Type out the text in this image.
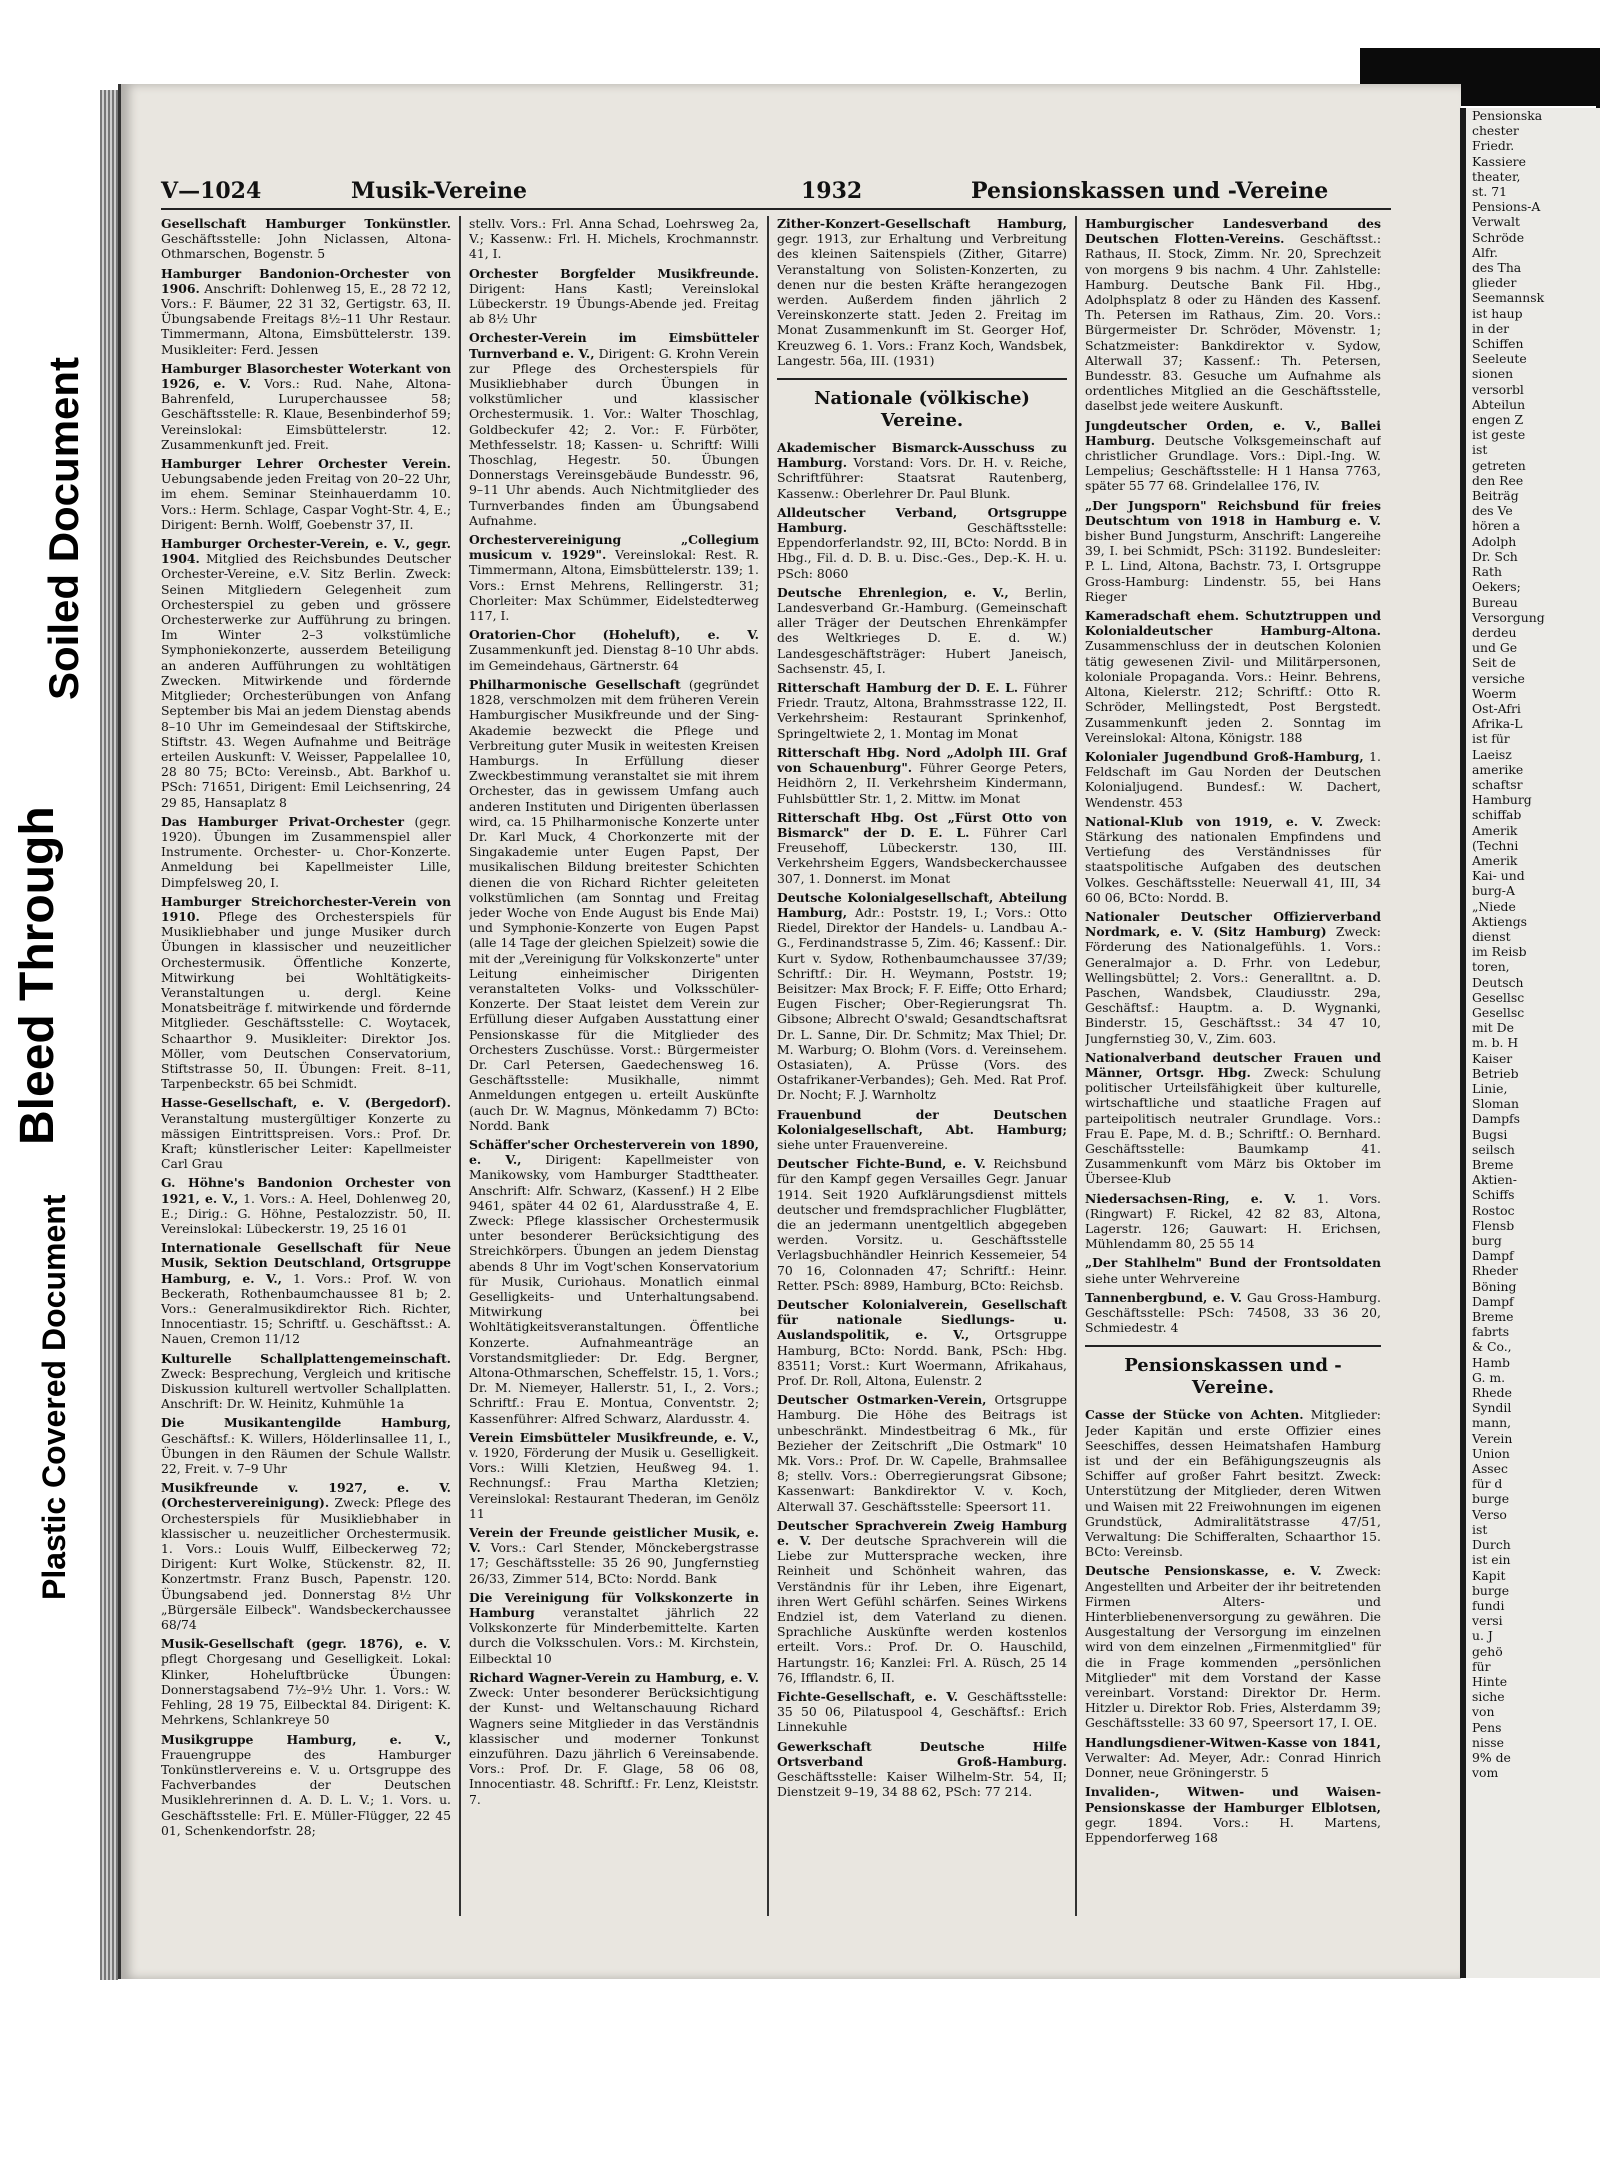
Bleed Through
Soiled Document
Plastic Covered Document
V—1024	Musik-Vereine	1932	Pensionskassen und -Vereine
Gesellschaft Hamburger Tonkünstler. Geschäftsstelle: John Niclassen, Altona-Othmarschen, Bogenstr. 5
Hamburger Bandonion-Orchester von 1906. Anschrift: Dohlenweg 15, E., 28 72 12, Vors.: F. Bäumer, 22 31 32, Gertigstr. 63, II. Übungsabende Freitags 8½–11 Uhr Restaur. Timmermann, Altona, Eimsbüttelerstr. 139. Musikleiter: Ferd. Jessen
Hamburger Blasorchester Woterkant von 1926, e. V. Vors.: Rud. Nahe, Altona-Bahrenfeld, Luruperchaussee 58; Geschäftsstelle: R. Klaue, Besenbinderhof 59; Vereinslokal: Eimsbüttelerstr. 12. Zusammenkunft jed. Freit.
Hamburger Lehrer Orchester Verein. Uebungsabende jeden Freitag von 20–22 Uhr, im ehem. Seminar Steinhauerdamm 10. Vors.: Herm. Schlage, Caspar Voght-Str. 4, E.; Dirigent: Bernh. Wolff, Goebenstr 37, II.
Hamburger Orchester-Verein, e. V., gegr. 1904. Mitglied des Reichsbundes Deutscher Orchester-Vereine, e.V. Sitz Berlin. Zweck: Seinen Mitgliedern Gelegenheit zum Orchesterspiel zu geben und grössere Orchesterwerke zur Aufführung zu bringen. Im Winter 2–3 volkstümliche Symphoniekonzerte, ausserdem Beteiligung an anderen Aufführungen zu wohltätigen Zwecken. Mitwirkende und fördernde Mitglieder; Orchesterübungen von Anfang September bis Mai an jedem Dienstag abends 8–10 Uhr im Gemeindesaal der Stiftskirche, Stiftstr. 43. Wegen Aufnahme und Beiträge erteilen Auskunft: V. Weisser, Pappelallee 10, 28 80 75; BCto: Vereinsb., Abt. Barkhof u. PSch: 71651, Dirigent: Emil Leichsenring, 24 29 85, Hansaplatz 8
Das Hamburger Privat-Orchester (gegr. 1920). Übungen im Zusammenspiel aller Instrumente. Orchester- u. Chor-Konzerte. Anmeldung bei Kapellmeister Lille, Dimpfelsweg 20, I.
Hamburger Streichorchester-Verein von 1910. Pflege des Orchesterspiels für Musikliebhaber und junge Musiker durch Übungen in klassischer und neuzeitlicher Orchestermusik. Öffentliche Konzerte, Mitwirkung bei Wohltätigkeits-Veranstaltungen u. dergl. Keine Monatsbeiträge f. mitwirkende und fördernde Mitglieder. Geschäftsstelle: C. Woytacek, Schaarthor 9. Musikleiter: Direktor Jos. Möller, vom Deutschen Conservatorium, Stiftstrasse 50, II. Übungen: Freit. 8–11, Tarpenbeckstr. 65 bei Schmidt.
Hasse-Gesellschaft, e. V. (Bergedorf). Veranstaltung mustergültiger Konzerte zu mässigen Eintrittspreisen. Vors.: Prof. Dr. Kraft; künstlerischer Leiter: Kapellmeister Carl Grau
G. Höhne's Bandonion Orchester von 1921, e. V., 1. Vors.: A. Heel, Dohlenweg 20, E.; Dirig.: G. Höhne, Pestalozzistr. 50, II. Vereinslokal: Lübeckerstr. 19, 25 16 01
Internationale Gesellschaft für Neue Musik, Sektion Deutschland, Ortsgruppe Hamburg, e. V., 1. Vors.: Prof. W. von Beckerath, Rothenbaumchaussee 81 b; 2. Vors.: Generalmusikdirektor Rich. Richter, Innocentiastr. 15; Schriftf. u. Geschäftsst.: A. Nauen, Cremon 11/12
Kulturelle Schallplattengemeinschaft. Zweck: Besprechung, Vergleich und kritische Diskussion kulturell wertvoller Schallplatten. Anschrift: Dr. W. Heinitz, Kuhmühle 1a
Die Musikantengilde Hamburg, Geschäftsf.: K. Willers, Hölderlinsallee 11, I., Übungen in den Räumen der Schule Wallstr. 22, Freit. v. 7–9 Uhr
Musikfreunde v. 1927, e. V. (Orchestervereinigung). Zweck: Pflege des Orchesterspiels für Musikliebhaber in klassischer u. neuzeitlicher Orchestermusik. 1. Vors.: Louis Wulff, Eilbeckerweg 72; Dirigent: Kurt Wolke, Stückenstr. 82, II. Konzertmstr. Franz Busch, Papenstr. 120. Übungsabend jed. Donnerstag 8½ Uhr „Bürgersäle Eilbeck". Wandsbeckerchaussee 68/74
Musik-Gesellschaft (gegr. 1876), e. V. pflegt Chorgesang und Geselligkeit. Lokal: Klinker, Hoheluftbrücke Übungen: Donnerstagsabend 7½–9½ Uhr. 1. Vors.: W. Fehling, 28 19 75, Eilbecktal 84. Dirigent: K. Mehrkens, Schlankreye 50
Musikgruppe Hamburg, e. V., Frauengruppe des Hamburger Tonkünstlervereins e. V. u. Ortsgruppe des Fachverbandes der Deutschen Musiklehrerinnen d. A. D. L. V.; 1. Vors. u. Geschäftsstelle: Frl. E. Müller-Flügger, 22 45 01, Schenkendorfstr. 28;
stellv. Vors.: Frl. Anna Schad, Loehrsweg 2a, V.; Kassenw.: Frl. H. Michels, Krochmannstr. 41, I.
Orchester Borgfelder Musikfreunde. Dirigent: Hans Kastl; Vereinslokal Lübeckerstr. 19 Übungs-Abende jed. Freitag ab 8½ Uhr
Orchester-Verein im Eimsbütteler Turnverband e. V., Dirigent: G. Krohn Verein zur Pflege des Orchesterspiels für Musikliebhaber durch Übungen in volkstümlicher und klassischer Orchestermusik. 1. Vor.: Walter Thoschlag, Goldbeckufer 42; 2. Vor.: F. Fürböter, Methfesselstr. 18; Kassen- u. Schriftf: Willi Thoschlag, Hegestr. 50. Übungen Donnerstags Vereinsgebäude Bundesstr. 96, 9–11 Uhr abends. Auch Nichtmitglieder des Turnverbandes finden am Übungsabend Aufnahme.
Orchestervereinigung „Collegium musicum v. 1929". Vereinslokal: Rest. R. Timmermann, Altona, Eimsbüttelerstr. 139; 1. Vors.: Ernst Mehrens, Rellingerstr. 31; Chorleiter: Max Schümmer, Eidelstedterweg 117, I.
Oratorien-Chor (Hoheluft), e. V. Zusammenkunft jed. Dienstag 8–10 Uhr abds. im Gemeindehaus, Gärtnerstr. 64
Philharmonische Gesellschaft (gegründet 1828, verschmolzen mit dem früheren Verein Hamburgischer Musikfreunde und der Sing-Akademie bezweckt die Pflege und Verbreitung guter Musik in weitesten Kreisen Hamburgs. In Erfüllung dieser Zweckbestimmung veranstaltet sie mit ihrem Orchester, das in gewissem Umfang auch anderen Instituten und Dirigenten überlassen wird, ca. 15 Philharmonische Konzerte unter Dr. Karl Muck, 4 Chorkonzerte mit der Singakademie unter Eugen Papst, Der musikalischen Bildung breitester Schichten dienen die von Richard Richter geleiteten volkstümlichen (am Sonntag und Freitag jeder Woche von Ende August bis Ende Mai) und Symphonie-Konzerte von Eugen Papst (alle 14 Tage der gleichen Spielzeit) sowie die mit der „Vereinigung für Volkskonzerte" unter Leitung einheimischer Dirigenten veranstalteten Volks- und Volksschüler-Konzerte. Der Staat leistet dem Verein zur Erfüllung dieser Aufgaben Ausstattung einer Pensionskasse für die Mitglieder des Orchesters Zuschüsse. Vorst.: Bürgermeister Dr. Carl Petersen, Gaedechensweg 16. Geschäftsstelle: Musikhalle, nimmt Anmeldungen entgegen u. erteilt Auskünfte (auch Dr. W. Magnus, Mönkedamm 7) BCto: Nordd. Bank
Schäffer'scher Orchesterverein von 1890, e. V., Dirigent: Kapellmeister von Manikowsky, vom Hamburger Stadttheater. Anschrift: Alfr. Schwarz, (Kassenf.) H 2 Elbe 9461, später 44 02 61, Alardusstraße 4, E. Zweck: Pflege klassischer Orchestermusik unter besonderer Berücksichtigung des Streichkörpers. Übungen an jedem Dienstag abends 8 Uhr im Vogt'schen Konservatorium für Musik, Curiohaus. Monatlich einmal Geselligkeits- und Unterhaltungsabend. Mitwirkung bei Wohltätigkeitsveranstaltungen. Öffentliche Konzerte. Aufnahmeanträge an Vorstandsmitglieder: Dr. Edg. Bergner, Altona-Othmarschen, Scheffelstr. 15, 1. Vors.; Dr. M. Niemeyer, Hallerstr. 51, I., 2. Vors.; Schriftf.: Frau E. Montua, Conventstr. 2; Kassenführer: Alfred Schwarz, Alardusstr. 4.
Verein Eimsbütteler Musikfreunde, e. V., v. 1920, Förderung der Musik u. Geselligkeit. Vors.: Willi Kletzien, Heußweg 94. 1. Rechnungsf.: Frau Martha Kletzien; Vereinslokal: Restaurant Thederan, im Genölz 11
Verein der Freunde geistlicher Musik, e. V. Vors.: Carl Stender, Mönckebergstrasse 17; Geschäftsstelle: 35 26 90, Jungfernstieg 26/33, Zimmer 514, BCto: Nordd. Bank
Die Vereinigung für Volkskonzerte in Hamburg veranstaltet jährlich 22 Volkskonzerte für Minderbemittelte. Karten durch die Volksschulen. Vors.: M. Kirchstein, Eilbecktal 10
Richard Wagner-Verein zu Hamburg, e. V. Zweck: Unter besonderer Berücksichtigung der Kunst- und Weltanschauung Richard Wagners seine Mitglieder in das Verständnis klassischer und moderner Tonkunst einzuführen. Dazu jährlich 6 Vereinsabende. Vors.: Prof. Dr. F. Glage, 58 06 08, Innocentiastr. 48. Schriftf.: Fr. Lenz, Kleiststr. 7.
Zither-Konzert-Gesellschaft Hamburg, gegr. 1913, zur Erhaltung und Verbreitung des kleinen Saitenspiels (Zither, Gitarre) Veranstaltung von Solisten-Konzerten, zu denen nur die besten Kräfte herangezogen werden. Außerdem finden jährlich 2 Vereinskonzerte statt. Jeden 2. Freitag im Monat Zusammenkunft im St. Georger Hof, Kreuzweg 6. 1. Vors.: Franz Koch, Wandsbek, Langestr. 56a, III. (1931)
Nationale (völkische) Vereine.
Akademischer Bismarck-Ausschuss zu Hamburg. Vorstand: Vors. Dr. H. v. Reiche, Schriftführer: Staatsrat Rautenberg, Kassenw.: Oberlehrer Dr. Paul Blunk.
Alldeutscher Verband, Ortsgruppe Hamburg.	Geschäftsstelle: Eppendorferlandstr. 92, III, BCto: Nordd. B in Hbg., Fil. d. D. B. u. Disc.-Ges., Dep.-K. H. u. PSch: 8060
Deutsche Ehrenlegion, e. V., Berlin, Landesverband Gr.-Hamburg. (Gemeinschaft aller Träger der Deutschen Ehrenkämpfer des Weltkrieges D. E. d. W.) Landesgeschäftsträger: Hubert Janeisch, Sachsenstr. 45, I.
Ritterschaft Hamburg der D. E. L. Führer Friedr. Trautz, Altona, Brahmsstrasse 122, II. Verkehrsheim: Restaurant Sprinkenhof, Springeltwiete 2, 1. Montag im Monat
Ritterschaft Hbg. Nord „Adolph III. Graf von Schauenburg". Führer George Peters, Heidhörn 2, II. Verkehrsheim Kindermann, Fuhlsbüttler Str. 1, 2. Mittw. im Monat
Ritterschaft Hbg. Ost „Fürst Otto von Bismarck" der D. E. L. Führer Carl Freusehoff, Lübeckerstr. 130, III. Verkehrsheim Eggers, Wandsbeckerchaussee 307, 1. Donnerst. im Monat
Deutsche Kolonialgesellschaft, Abteilung Hamburg, Adr.: Poststr. 19, I.; Vors.: Otto Riedel, Direktor der Handels- u. Landbau A.-G., Ferdinandstrasse 5, Zim. 46; Kassenf.: Dir. Kurt v. Sydow, Rothenbaumchaussee 37/39; Schriftf.: Dir. H. Weymann, Poststr. 19; Beisitzer: Max Brock; F. F. Eiffe; Otto Erhard; Eugen Fischer; Ober-Regierungsrat Th. Gibsone; Albrecht O'swald; Gesandtschaftsrat Dr. L. Sanne, Dir. Dr. Schmitz; Max Thiel; Dr. M. Warburg; O. Blohm (Vors. d. Vereinsehem. Ostasiaten), A. Prüsse (Vors. des Ostafrikaner-Verbandes); Geh. Med. Rat Prof. Dr. Nocht; F. J. Warnholtz
Frauenbund der Deutschen Kolonialgesellschaft, Abt. Hamburg; siehe unter Frauenvereine.
Deutscher Fichte-Bund, e. V. Reichsbund für den Kampf gegen Versailles Gegr. Januar 1914. Seit 1920 Aufklärungsdienst mittels deutscher und fremdsprachlicher Flugblätter, die an jedermann unentgeltlich abgegeben werden. Vorsitz. u. Geschäftsstelle Verlagsbuchhändler Heinrich Kessemeier, 54 70 16, Colonnaden 47; Schriftf.: Heinr. Retter. PSch: 8989, Hamburg, BCto: Reichsb.
Deutscher Kolonialverein, Gesellschaft für nationale Siedlungs- u. Auslandspolitik, e. V., Ortsgruppe Hamburg, BCto: Nordd. Bank, PSch: Hbg. 83511; Vorst.: Kurt Woermann, Afrikahaus, Prof. Dr. Roll, Altona, Eulenstr. 2
Deutscher Ostmarken-Verein, Ortsgruppe Hamburg. Die Höhe des Beitrags ist unbeschränkt. Mindestbeitrag 6 Mk., für Bezieher der Zeitschrift „Die Ostmark" 10 Mk. Vors.: Prof. Dr. W. Capelle, Brahmsallee 8; stellv. Vors.: Oberregierungsrat Gibsone; Kassenwart: Bankdirektor V. v. Koch, Alterwall 37. Geschäftsstelle: Speersort 11.
Deutscher Sprachverein Zweig Hamburg e. V. Der deutsche Sprachverein will die Liebe zur Muttersprache wecken, ihre Reinheit und Schönheit wahren, das Verständnis für ihr Leben, ihre Eigenart, ihren Wert Gefühl schärfen. Seines Wirkens Endziel ist, dem Vaterland zu dienen. Sprachliche Auskünfte werden kostenlos erteilt. Vors.: Prof. Dr. O. Hauschild, Hartungstr. 16; Kanzlei: Frl. A. Rüsch, 25 14 76, Ifflandstr. 6, II.
Fichte-Gesellschaft, e. V. Geschäftsstelle: 35 50 06, Pilatuspool 4, Geschäftsf.: Erich Linnekuhle
Gewerkschaft Deutsche Hilfe Ortsverband Groß-Hamburg. Geschäftsstelle: Kaiser Wilhelm-Str. 54, II; Dienstzeit 9–19, 34 88 62, PSch: 77 214.
Hamburgischer Landesverband des Deutschen Flotten-Vereins. Geschäftsst.: Rathaus, II. Stock, Zimm. Nr. 20, Sprechzeit von morgens 9 bis nachm. 4 Uhr. Zahlstelle: Hamburg. Deutsche Bank Fil. Hbg., Adolphsplatz 8 oder zu Händen des Kassenf. Th. Petersen im Rathaus, Zim. 20. Vors.: Bürgermeister Dr. Schröder, Mövenstr. 1; Schatzmeister: Bankdirektor v. Sydow, Alterwall 37; Kassenf.: Th. Petersen, Bundesstr. 83. Gesuche um Aufnahme als ordentliches Mitglied an die Geschäftsstelle, daselbst jede weitere Auskunft.
Jungdeutscher Orden, e. V., Ballei Hamburg. Deutsche Volksgemeinschaft auf christlicher Grundlage. Vors.: Dipl.-Ing. W. Lempelius; Geschäftsstelle: H 1 Hansa 7763, später 55 77 68. Grindelallee 176, IV.
„Der Jungsporn" Reichsbund für freies Deutschtum von 1918 in Hamburg e. V. bisher Bund Jungsturm, Anschrift: Langereihe 39, I. bei Schmidt, PSch: 31192. Bundesleiter: P. L. Lind, Altona, Bachstr. 73, I. Ortsgruppe Gross-Hamburg: Lindenstr. 55, bei Hans Rieger
Kameradschaft ehem. Schutztruppen und Kolonialdeutscher Hamburg-Altona. Zusammenschluss der in deutschen Kolonien tätig gewesenen Zivil- und Militärpersonen, koloniale Propaganda. Vors.: Heinr. Behrens, Altona, Kielerstr. 212; Schriftf.: Otto R. Schröder, Mellingstedt, Post Bergstedt. Zusammenkunft jeden 2. Sonntag im Vereinslokal: Altona, Königstr. 188
Kolonialer Jugendbund Groß-Hamburg, 1. Feldschaft im Gau Norden der Deutschen Kolonialjugend. Bundesf.: W. Dachert, Wendenstr. 453
National-Klub von 1919, e. V. Zweck: Stärkung des nationalen Empfindens und Vertiefung des Verständnisses für staatspolitische Aufgaben des deutschen Volkes. Geschäftsstelle: Neuerwall 41, III, 34 60 06, BCto: Nordd. B.
Nationaler Deutscher Offizierverband Nordmark, e. V. (Sitz Hamburg) Zweck: Förderung des Nationalgefühls. 1. Vors.: Generalmajor a. D. Frhr. von Ledebur, Wellingsbüttel; 2. Vors.: Generalltnt. a. D. Paschen, Wandsbek, Claudiusstr. 29a, Geschäftsf.: Hauptm. a. D. Wygnanki, Binderstr. 15, Geschäftsst.: 34 47 10, Jungfernstieg 30, V., Zim. 603.
Nationalverband deutscher Frauen und Männer, Ortsgr. Hbg. Zweck: Schulung politischer Urteilsfähigkeit über kulturelle, wirtschaftliche und staatliche Fragen auf parteipolitisch neutraler Grundlage. Vors.: Frau E. Pape, M. d. B.; Schriftf.: O. Bernhard. Geschäftsstelle: Baumkamp 41. Zusammenkunft vom März bis Oktober im Übersee-Klub
Niedersachsen-Ring, e. V. 1. Vors. (Ringwart) F. Rickel, 42 82 83, Altona, Lagerstr. 126; Gauwart: H. Erichsen, Mühlendamm 80, 25 55 14
„Der Stahlhelm" Bund der Frontsoldaten siehe unter Wehrvereine
Tannenbergbund, e. V. Gau Gross-Hamburg. Geschäftsstelle: PSch: 74508, 33 36 20, Schmiedestr. 4
Pensionskassen und -Vereine.
Casse der Stücke von Achten. Mitglieder: Jeder Kapitän und erste Offizier eines Seeschiffes, dessen Heimatshafen Hamburg ist und der ein Befähigungszeugnis als Schiffer auf großer Fahrt besitzt. Zweck: Unterstützung der Mitglieder, deren Witwen und Waisen mit 22 Freiwohnungen im eigenen Grundstück, Admiralitätstrasse 47/51, Verwaltung: Die Schifferalten, Schaarthor 15. BCto: Vereinsb.
Deutsche Pensionskasse, e. V. Zweck: Angestellten und Arbeiter der ihr beitretenden Firmen Alters- und Hinterbliebenenversorgung zu gewähren. Die Ausgestaltung der Versorgung im einzelnen wird von dem einzelnen „Firmenmitglied" für die in Frage kommenden „persönlichen Mitglieder" mit dem Vorstand der Kasse vereinbart. Vorstand: Direktor Dr. Herm. Hitzler u. Direktor Rob. Fries, Alsterdamm 39; Geschäftsstelle: 33 60 97, Speersort 17, I. OE.
Handlungsdiener-Witwen-Kasse von 1841, Verwalter: Ad. Meyer, Adr.: Conrad Hinrich Donner, neue Gröningerstr. 5
Invaliden-, Witwen- und Waisen-Pensionskasse der Hamburger Elblotsen, gegr. 1894. Vors.: H. Martens, Eppendorferweg 168
Pensionska
chester
Friedr.
Kassiere
theater,
st. 71
Pensions-A
Verwalt
Schröde
Alfr.
des Tha
glieder
Seemannsk
ist haup
in der
Schiffen
Seeleute
sionen
versorbl
Abteilun
engen Z
ist geste
ist
getreten
den Ree
Beiträg
des Ve
hören a
Adolph
Dr. Sch
Rath
Oekers;
Bureau
Versorgung
derdeu
und Ge
Seit de
versiche
Woerm
Ost-Afri
Afrika-L
ist für
Laeisz
amerike
schaftsr
Hamburg
schiffab
Amerik
(Techni
Amerik
Kai- und
burg-A
„Niede
Aktiengs
dienst
im Reisb
toren,
Deutsch
Gesellsc
Gesellsc
mit De
m. b. H
Kaiser
Betrieb
Linie,
Sloman
Dampfs
Bugsi
seilsch
Breme
Aktien-
Schiffs
Rostoc
Flensb
burg
Dampf
Rheder
Böning
Dampf
Breme
fabrts
& Co.,
Hamb
G. m.
Rhede
Syndil
mann,
Verein
Union
Assec
für d
burge
Verso
ist
Durch
ist ein
Kapit
burge
fundi
versi
u. J
gehö
für
Hinte
siche
von
Pens
nisse
9% de
vom
